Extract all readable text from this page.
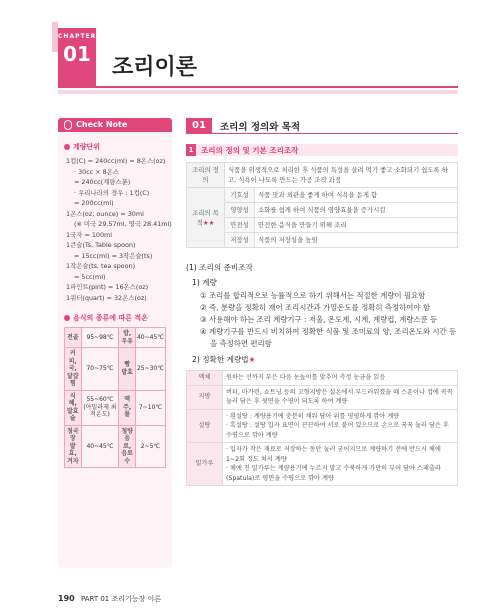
CHAPTER
01
조리이론
Check Note
계량단위
1컵(C) = 240cc(ml) = 8온스(oz)
· 30cc × 8온스
= 240cc(계량스푼)
· 우리나라의 경우 : 1컵(C)
= 200cc(ml)
1온스(oz; ounce) = 30ml
(※ 미국 29.57ml, 영국 28.41ml)
1국자 = 100ml
1큰술(Ts, Table spoon)
= 15cc(ml) = 3작은술(ts)
1작은술(ts, tea spoon)
= 5cc(ml)
1파인트(pint) = 16온스(oz)
1쿼터(quart) = 32온스(oz)
음식의 종류에 따른 적온
전골	95~98℃	밥, 우유	40~45℃
커피, 국, 달걀찜	70~75℃	빵 발효	25~30℃
식혜, 발효 술	55~60℃ (아밀라제 최적온도)	맥주, 물	7~10℃
청국장 발효, 겨자	40~45℃	청량 음료, 음료수	2~5℃
01	조리의 정의와 목적
1	조리의 정의 및 기본 조리조작
조리의 정의	식품을 위생적으로 처리한 후 식품의 특성을 살려 먹기 좋고 소화되기 쉽도록 하고, 식욕이 나도록 만드는 가공 조작 과정	
조리의 목적★★	기호성	식품 맛과 외관을 좋게 하여 식욕을 돋게 함
	영양성	소화를 쉽게 하여 식품의 영양효율을 증가시킴
	안전성	안전한 음식을 만들기 위해 조리
	저장성	식품의 저장성을 높임
(1) 조리의 준비조작
1) 계량
① 조리를 합리적으로 능률적으로 하기 위해서는 적절한 계량이 필요함
② 즉, 분량을 정확히 재어 조리시간과 가열온도를 정확히 측정하여야 함
③ 사용해야 하는 조리 계량기구 : 저울, 온도계, 시계, 계량컵, 계량스푼 등
④ 계량기구를 반드시 비치하여 정확한 식품 및 조미료의 양, 조리온도와 시간 등을 측정하면 편리함
2) 정확한 계량법★
액체	원하는 선까지 부은 다음 눈높이를 맞추어 측정 눈금을 읽음
지방	버터, 마가린, 쇼트닝 등의 고형지방은 실온에서 부드러워졌을 때 스푼이나 컵에 꼭꼭 눌러 담은 후 윗면을 수평이 되도록 하여 계량
설탕	· 흰설탕 : 계량용기에 충분히 채워 담아 위를 평평하게 깎아 계량
· 흑설탕 : 설탕 입자 표면이 끈끈하여 서로 붙어 있으므로 손으로 꾹꾹 눌러 담은 후 수평으로 깎아 계량
밀가루	· 입자가 작은 재료로 저장하는 동안 눌러 굳어지므로 계량하기 전에 반드시 체에 1~2회 정도 쳐서 계량
· 체에 친 밀가루는 계량용기에 누르지 말고 수북하게 가만히 부어 담아 스패출라(Spatula)로 평면을 수평으로 깎아 계량
190 PART 01 조리기능장 이론
